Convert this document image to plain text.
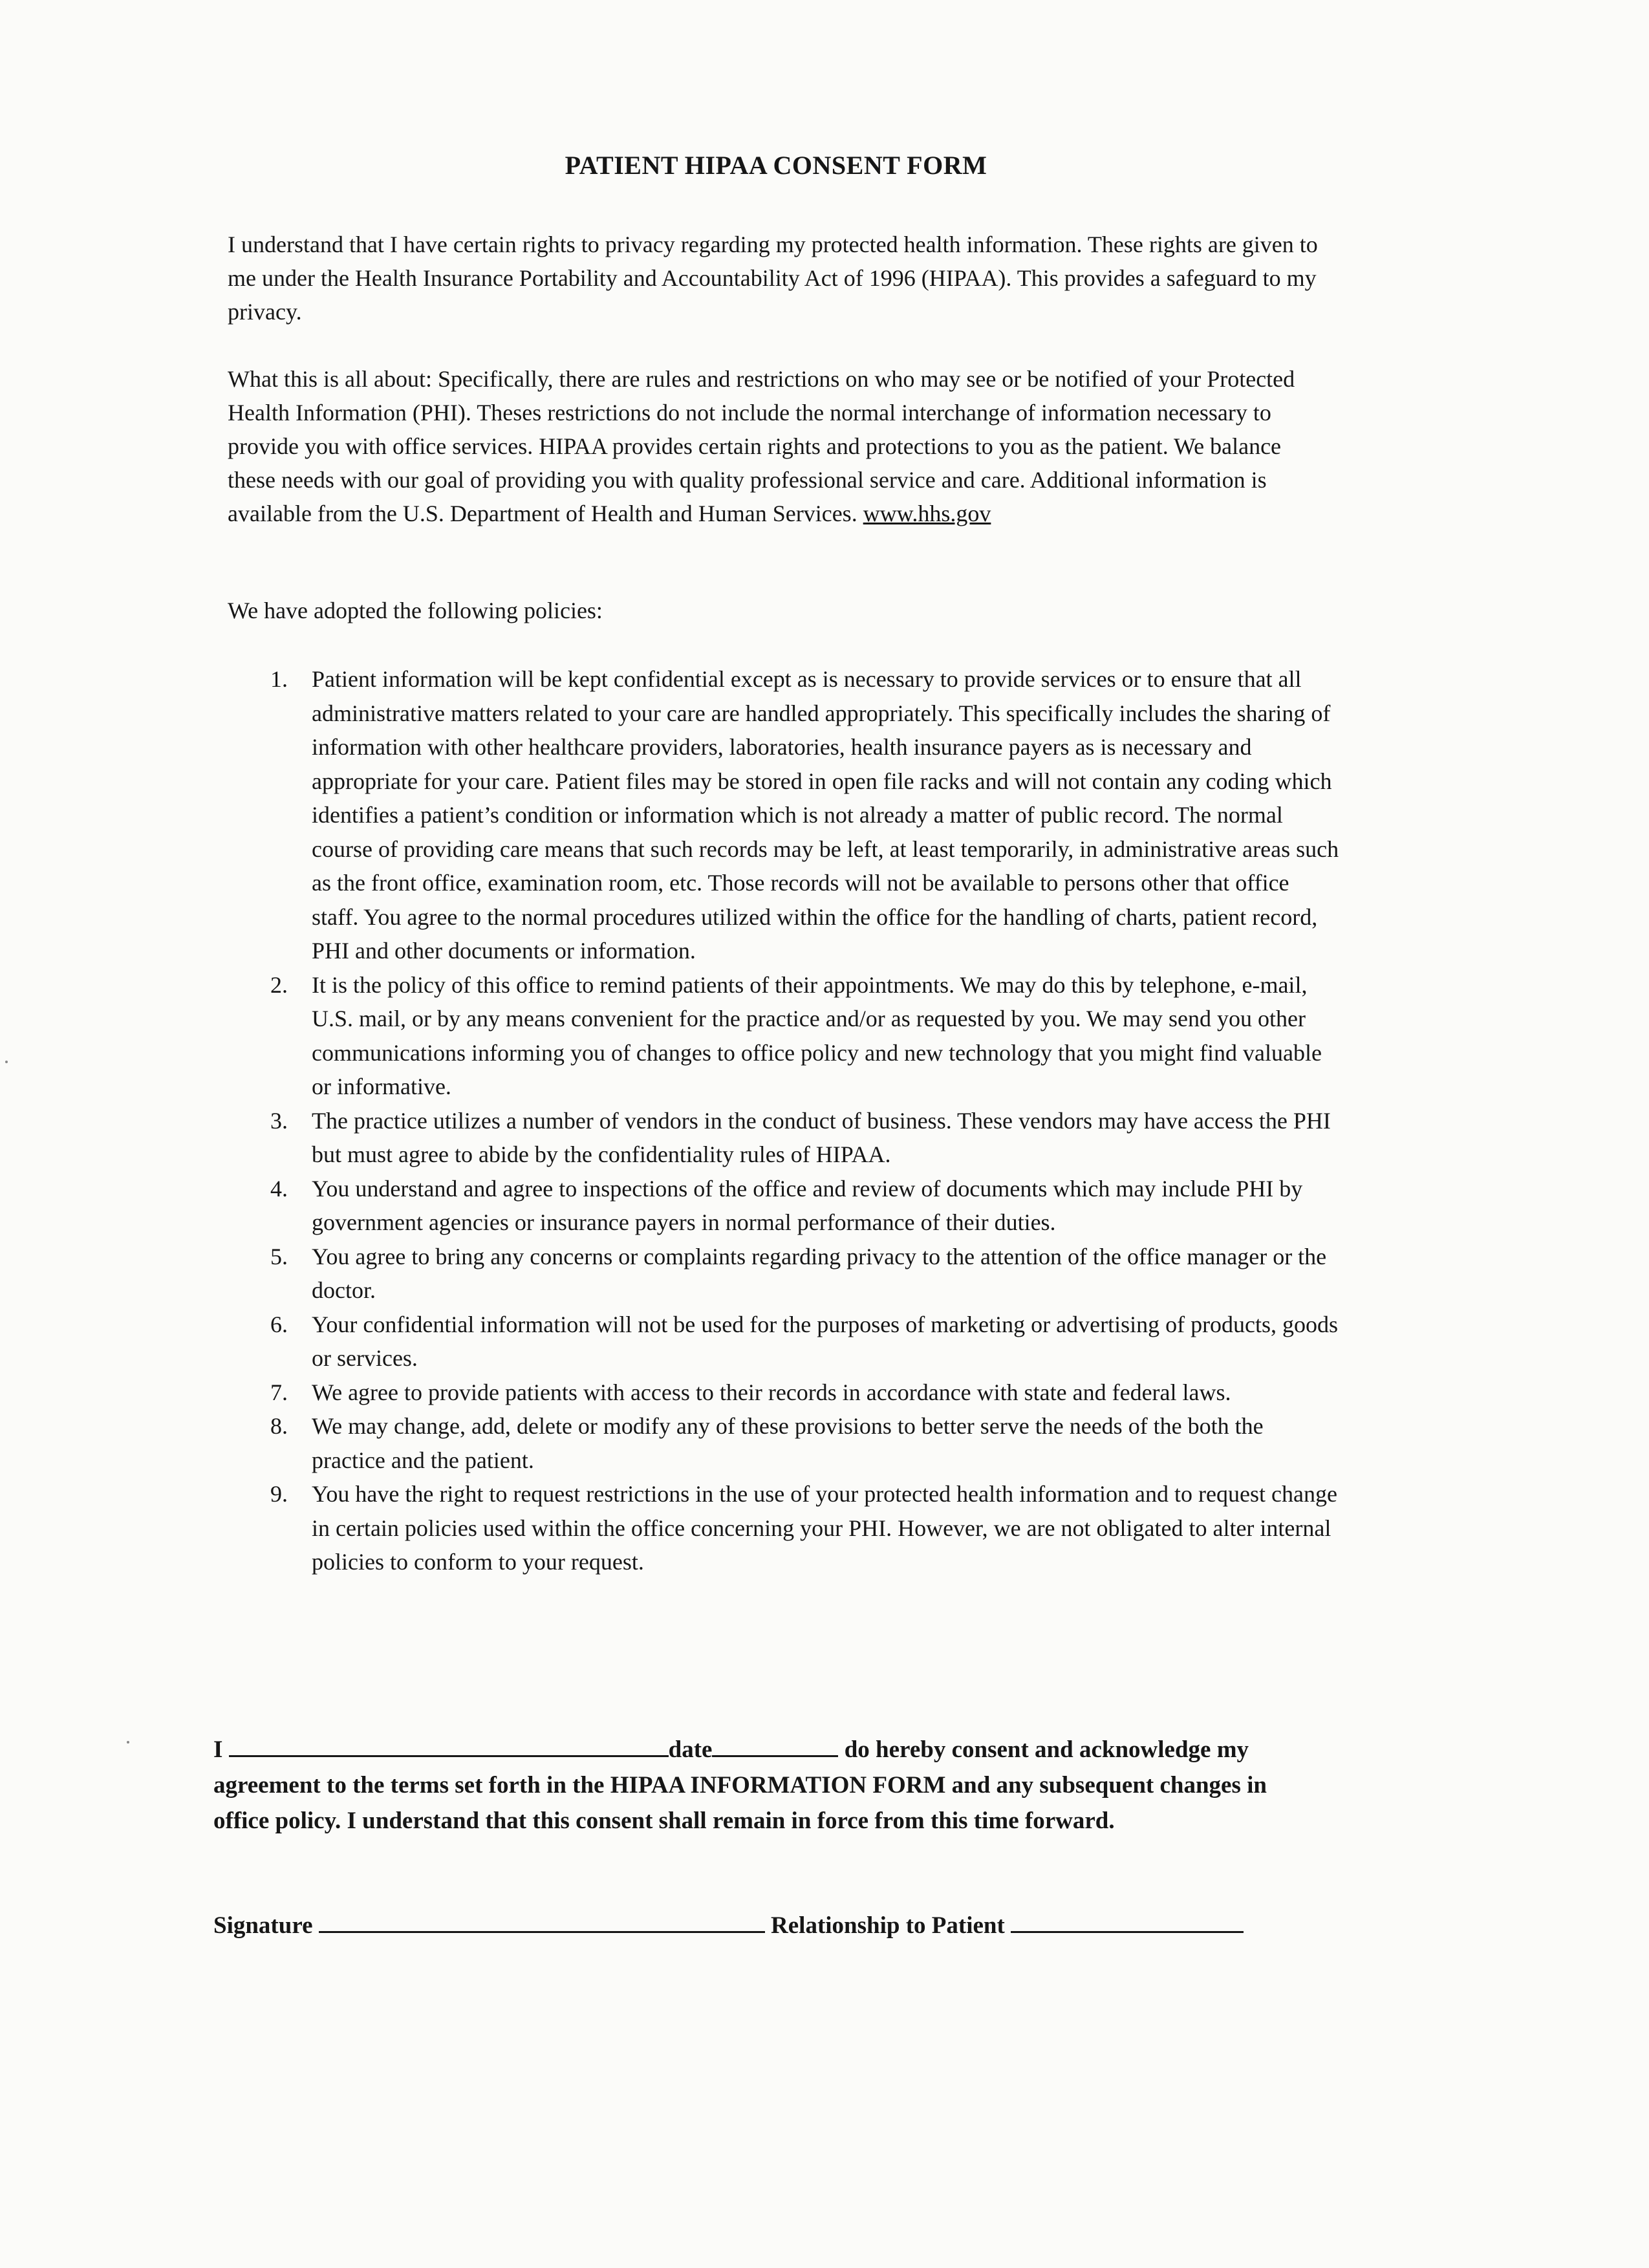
PATIENT HIPAA CONSENT FORM
I understand that I have certain rights to privacy regarding my protected health information. These rights are given to me under the Health Insurance Portability and Accountability Act of 1996 (HIPAA). This provides a safeguard to my privacy.
What this is all about: Specifically, there are rules and restrictions on who may see or be notified of your Protected Health Information (PHI). Theses restrictions do not include the normal interchange of information necessary to provide you with office services. HIPAA provides certain rights and protections to you as the patient. We balance these needs with our goal of providing you with quality professional service and care. Additional information is available from the U.S. Department of Health and Human Services. www.hhs.gov
We have adopted the following policies:
1.	Patient information will be kept confidential except as is necessary to provide services or to ensure that all administrative matters related to your care are handled appropriately. This specifically includes the sharing of information with other healthcare providers, laboratories, health insurance payers as is necessary and appropriate for your care. Patient files may be stored in open file racks and will not contain any coding which identifies a patient’s condition or information which is not already a matter of public record. The normal course of providing care means that such records may be left, at least temporarily, in administrative areas such as the front office, examination room, etc. Those records will not be available to persons other that office staff. You agree to the normal procedures utilized within the office for the handling of charts, patient record, PHI and other documents or information.
2.	It is the policy of this office to remind patients of their appointments. We may do this by telephone, e-mail, U.S. mail, or by any means convenient for the practice and/or as requested by you. We may send you other communications informing you of changes to office policy and new technology that you might find valuable or informative.
3.	The practice utilizes a number of vendors in the conduct of business. These vendors may have access the PHI but must agree to abide by the confidentiality rules of HIPAA.
4.	You understand and agree to inspections of the office and review of documents which may include PHI by government agencies or insurance payers in normal performance of their duties.
5.	You agree to bring any concerns or complaints regarding privacy to the attention of the office manager or the doctor.
6.	Your confidential information will not be used for the purposes of marketing or advertising of products, goods or services.
7.	We agree to provide patients with access to their records in accordance with state and federal laws.
8.	We may change, add, delete or modify any of these provisions to better serve the needs of the both the practice and the patient.
9.	You have the right to request restrictions in the use of your protected health information and to request change in certain policies used within the office concerning your PHI. However, we are not obligated to alter internal policies to conform to your request.
I	date	do hereby consent and acknowledge my agreement to the terms set forth in the HIPAA INFORMATION FORM and any subsequent changes in office policy. I understand that this consent shall remain in force from this time forward.
Signature	Relationship to Patient
